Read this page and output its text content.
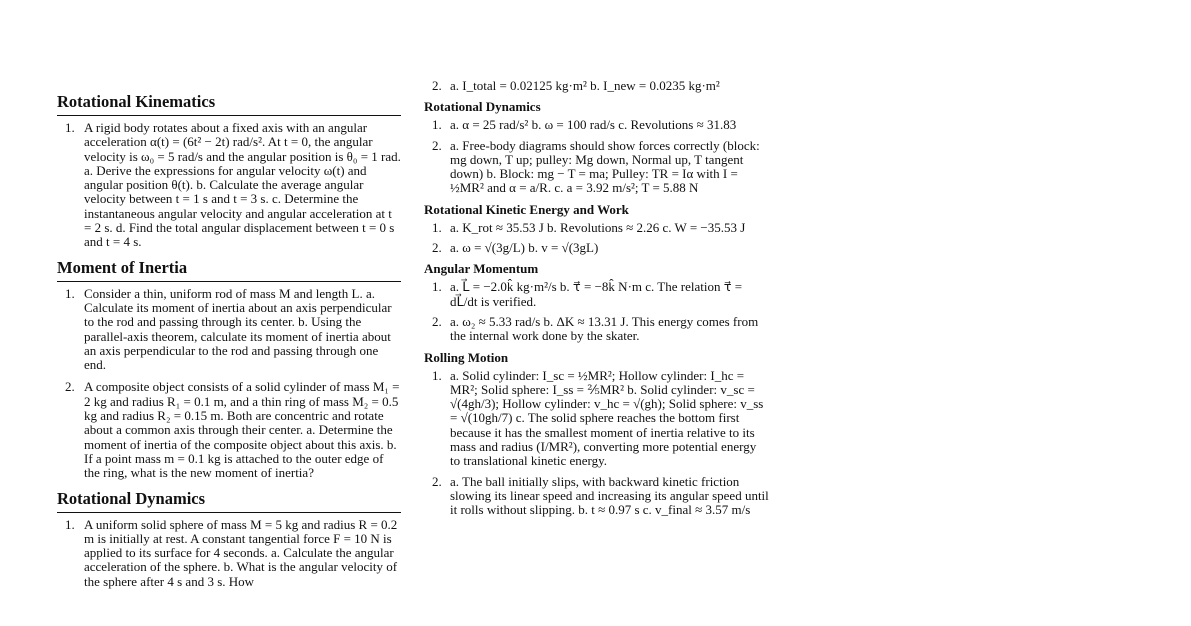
Rotational Kinematics
1. A rigid body rotates about a fixed axis with an angular acceleration α(t) = (6t² − 2t) rad/s². At t = 0, the angular velocity is ω₀ = 5 rad/s and the angular position is θ₀ = 1 rad. a. Derive the expressions for angular velocity ω(t) and angular position θ(t). b. Calculate the average angular velocity between t = 1 s and t = 3 s. c. Determine the instantaneous angular velocity and angular acceleration at t = 2 s. d. Find the total angular displacement between t = 0 s and t = 4 s.
Moment of Inertia
1. Consider a thin, uniform rod of mass M and length L. a. Calculate its moment of inertia about an axis perpendicular to the rod and passing through its center. b. Using the parallel-axis theorem, calculate its moment of inertia about an axis perpendicular to the rod and passing through one end.
2. A composite object consists of a solid cylinder of mass M₁ = 2 kg and radius R₁ = 0.1 m, and a thin ring of mass M₂ = 0.5 kg and radius R₂ = 0.15 m. Both are concentric and rotate about a common axis through their center. a. Determine the moment of inertia of the composite object about this axis. b. If a point mass m = 0.1 kg is attached to the outer edge of the ring, what is the new moment of inertia?
Rotational Dynamics
1. A uniform solid sphere of mass M = 5 kg and radius R = 0.2 m is initially at rest. A constant tangential force F = 10 N is applied to its surface for 4 seconds. a. Calculate the angular acceleration of the sphere. b. What is the angular velocity of the sphere after 4 s and 3 s. How
2. a. I_total = 0.02125 kg·m² b. I_new = 0.0235 kg·m²
Rotational Dynamics
1. a. α = 25 rad/s² b. ω = 100 rad/s c. Revolutions ≈ 31.83
2. a. Free-body diagrams should show forces correctly (block: mg down, T up; pulley: Mg down, Normal up, T tangent down) b. Block: mg − T = ma; Pulley: TR = Iα with I = ½MR² and α = a/R. c. a = 3.92 m/s²; T = 5.88 N
Rotational Kinetic Energy and Work
1. a. K_rot ≈ 35.53 J b. Revolutions ≈ 2.26 c. W = −35.53 J
2. a. ω = √(3g/L) b. v = √(3gL)
Angular Momentum
1. a. L⃗ = −2.0k̂ kg·m²/s b. τ⃗ = −8k̂ N·m c. The relation τ⃗ = dL⃗/dt is verified.
2. a. ω₂ ≈ 5.33 rad/s b. ΔK ≈ 13.31 J. This energy comes from the internal work done by the skater.
Rolling Motion
1. a. Solid cylinder: I_sc = ½MR²; Hollow cylinder: I_hc = MR²; Solid sphere: I_ss = ⅖MR² b. Solid cylinder: v_sc = √(4gh/3); Hollow cylinder: v_hc = √(gh); Solid sphere: v_ss = √(10gh/7) c. The solid sphere reaches the bottom first because it has the smallest moment of inertia relative to its mass and radius (I/MR²), converting more potential energy to translational kinetic energy.
2. a. The ball initially slips, with backward kinetic friction slowing its linear speed and increasing its angular speed until it rolls without slipping. b. t ≈ 0.97 s c. v_final ≈ 3.57 m/s
